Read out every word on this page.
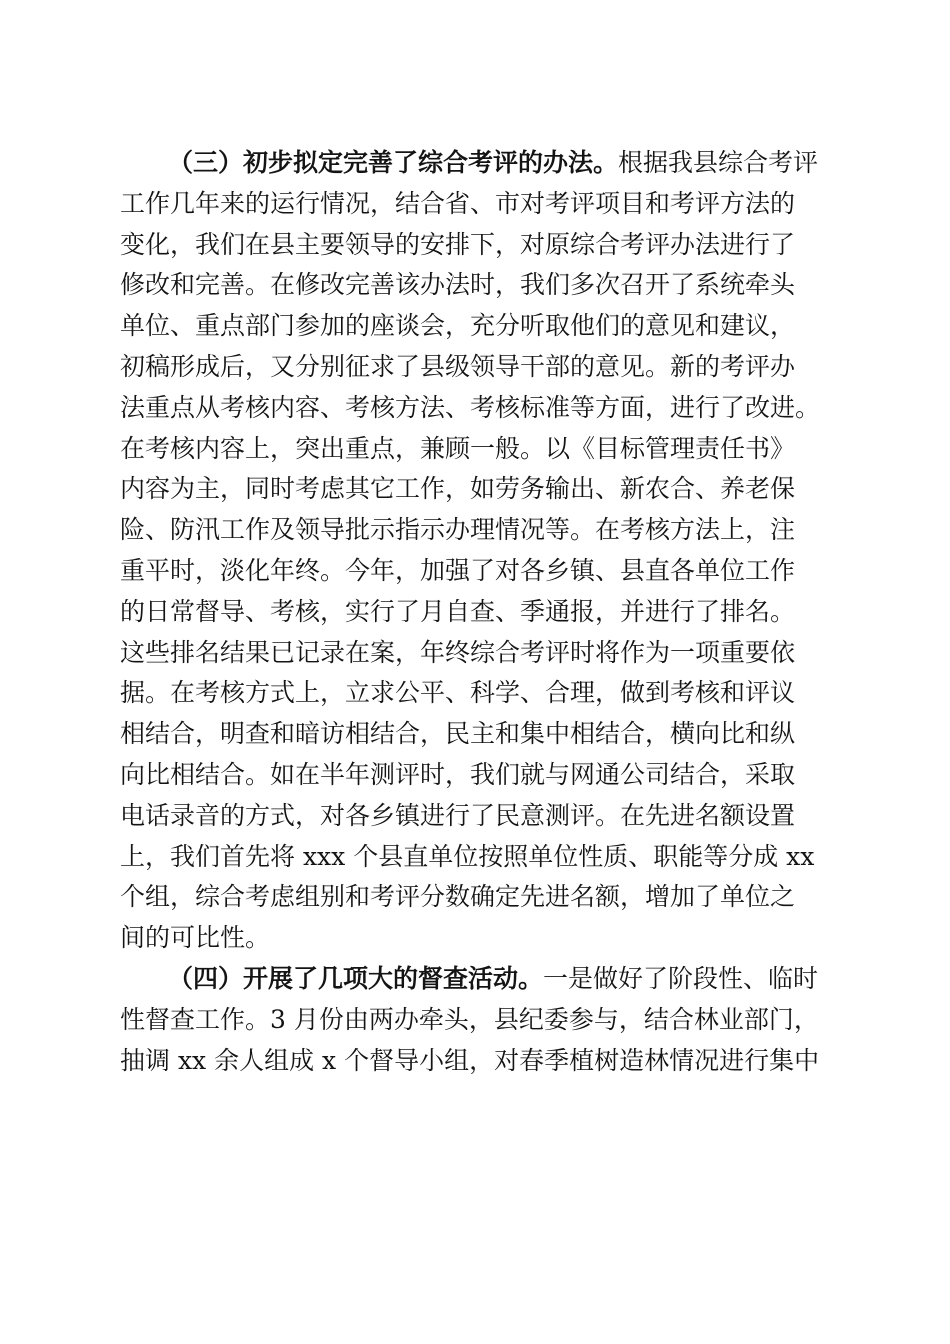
（三）初步拟定完善了综合考评的办法。根据我县综合考评
工作几年来的运行情况，结合省、市对考评项目和考评方法的
变化，我们在县主要领导的安排下，对原综合考评办法进行了
修改和完善。在修改完善该办法时，我们多次召开了系统牵头
单位、重点部门参加的座谈会，充分听取他们的意见和建议，
初稿形成后，又分别征求了县级领导干部的意见。新的考评办
法重点从考核内容、考核方法、考核标准等方面，进行了改进。
在考核内容上，突出重点，兼顾一般。以《目标管理责任书》
内容为主，同时考虑其它工作，如劳务输出、新农合、养老保
险、防汛工作及领导批示指示办理情况等。在考核方法上，注
重平时，淡化年终。今年，加强了对各乡镇、县直各单位工作
的日常督导、考核，实行了月自查、季通报，并进行了排名。
这些排名结果已记录在案，年终综合考评时将作为一项重要依
据。在考核方式上，立求公平、科学、合理，做到考核和评议
相结合，明查和暗访相结合，民主和集中相结合，横向比和纵
向比相结合。如在半年测评时，我们就与网通公司结合，采取
电话录音的方式，对各乡镇进行了民意测评。在先进名额设置
上，我们首先将 xxx 个县直单位按照单位性质、职能等分成 xx
个组，综合考虑组别和考评分数确定先进名额，增加了单位之
间的可比性。
（四）开展了几项大的督查活动。一是做好了阶段性、临时
性督查工作。3 月份由两办牵头，县纪委参与，结合林业部门，
抽调 xx 余人组成 x 个督导小组，对春季植树造林情况进行集中
